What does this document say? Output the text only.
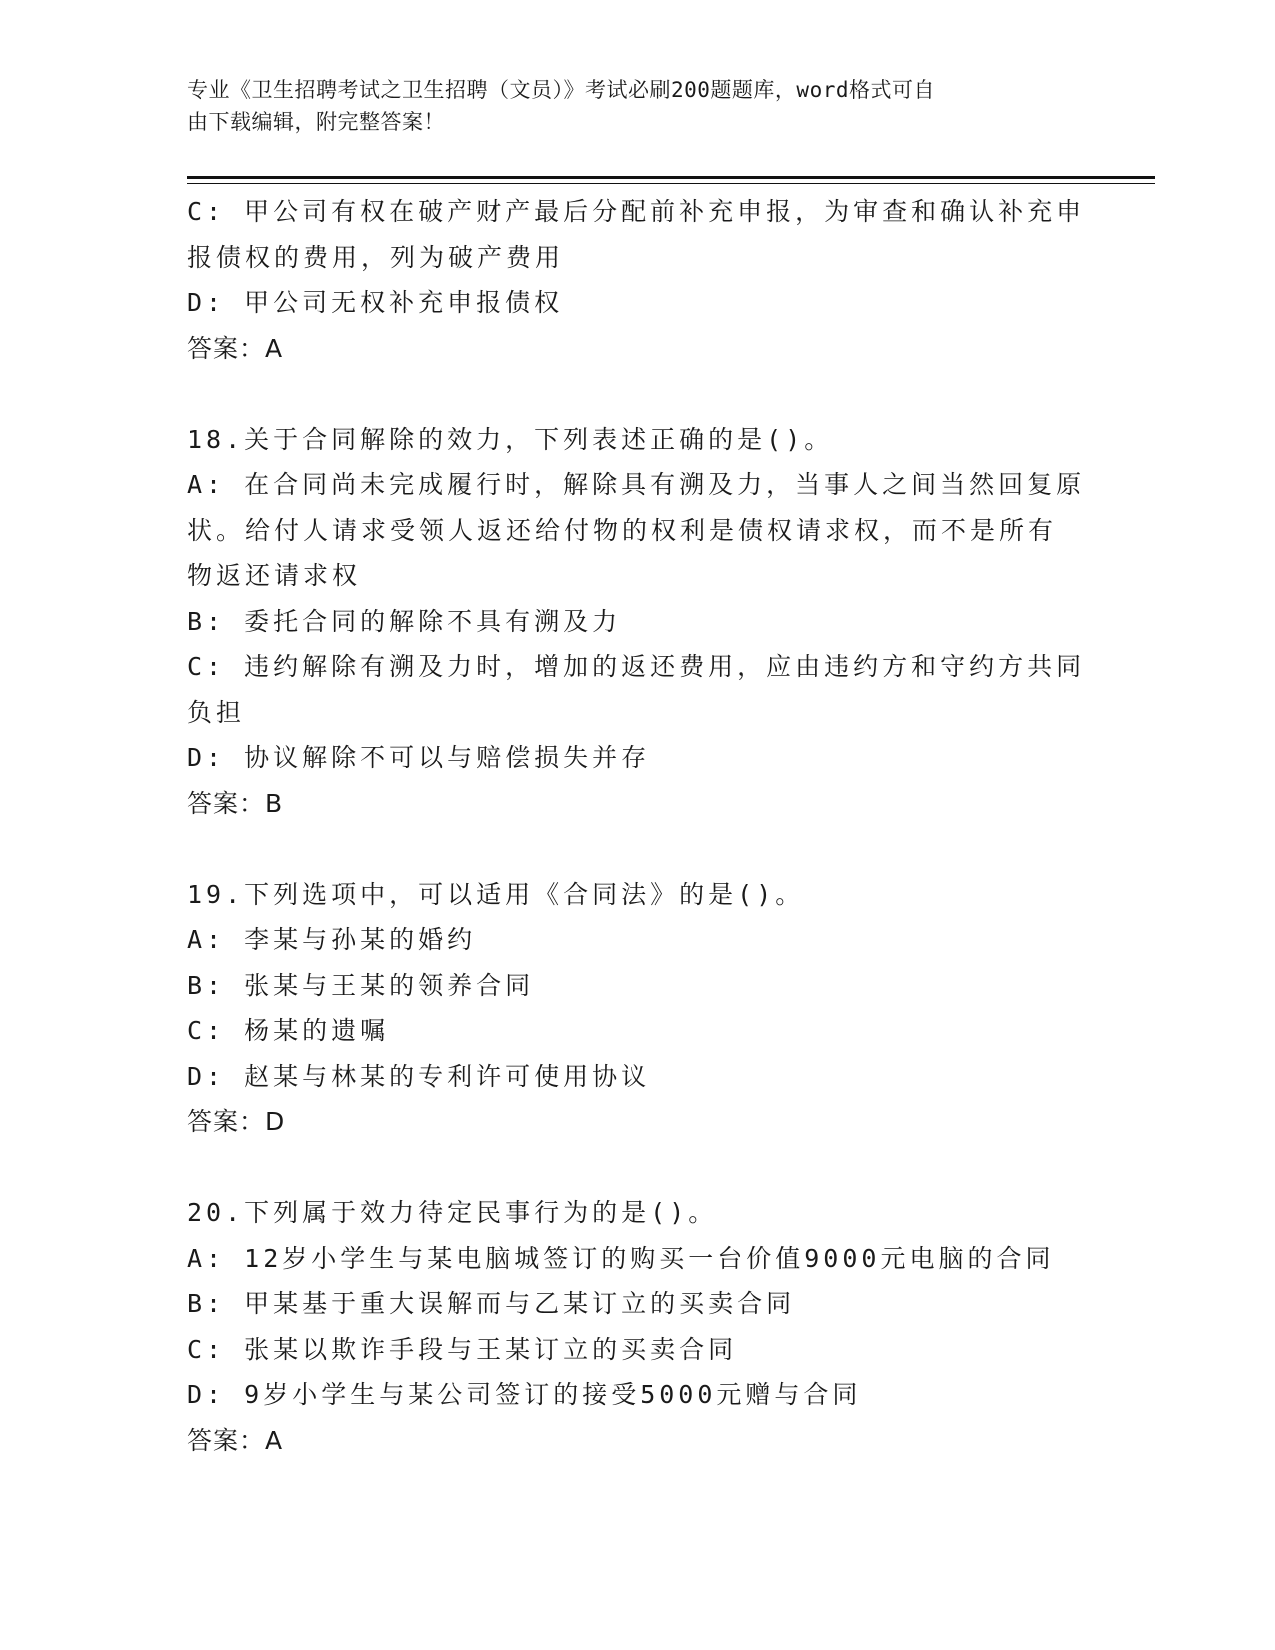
专业《卫生招聘考试之卫生招聘（文员）》考试必刷200题题库，word格式可自
由下载编辑，附完整答案！

C: 甲公司有权在破产财产最后分配前补充申报，为审查和确认补充申

报债权的费用，列为破产费用

D: 甲公司无权补充申报债权

答案：A

18.关于合同解除的效力，下列表述正确的是()。

A: 在合同尚未完成履行时，解除具有溯及力，当事人之间当然回复原

状。给付人请求受领人返还给付物的权利是债权请求权，而不是所有

物返还请求权

B: 委托合同的解除不具有溯及力

C: 违约解除有溯及力时，增加的返还费用，应由违约方和守约方共同

负担

D: 协议解除不可以与赔偿损失并存

答案：B

19.下列选项中，可以适用《合同法》的是()。

A: 李某与孙某的婚约

B: 张某与王某的领养合同

C: 杨某的遗嘱

D: 赵某与林某的专利许可使用协议

答案：D

20.下列属于效力待定民事行为的是()。

A: 12岁小学生与某电脑城签订的购买一台价值9000元电脑的合同

B: 甲某基于重大误解而与乙某订立的买卖合同

C: 张某以欺诈手段与王某订立的买卖合同

D: 9岁小学生与某公司签订的接受5000元赠与合同

答案：A
